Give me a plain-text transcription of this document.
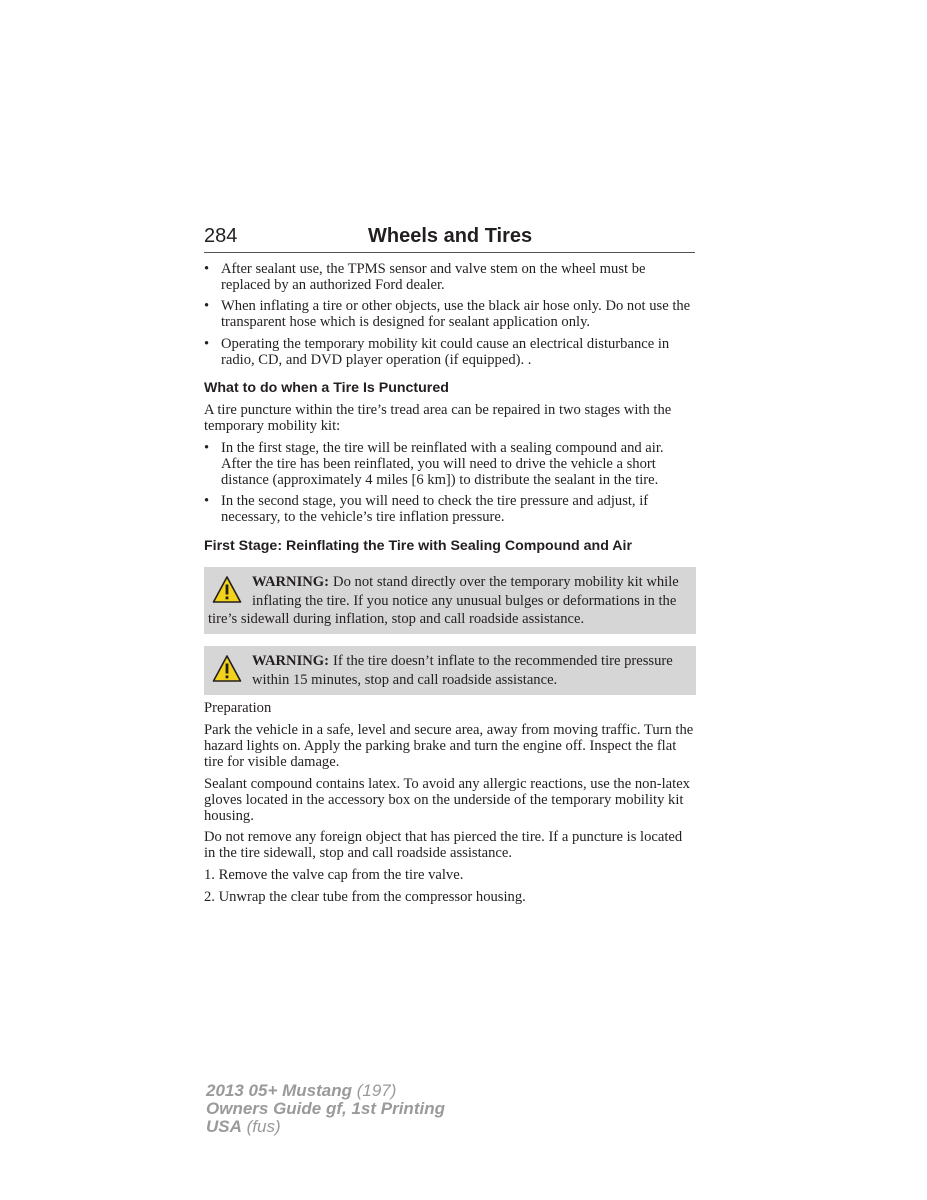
284	Wheels and Tires
• After sealant use, the TPMS sensor and valve stem on the wheel must be replaced by an authorized Ford dealer.
• When inflating a tire or other objects, use the black air hose only. Do not use the transparent hose which is designed for sealant application only.
• Operating the temporary mobility kit could cause an electrical disturbance in radio, CD, and DVD player operation (if equipped). .
What to do when a Tire Is Punctured

A tire puncture within the tire’s tread area can be repaired in two stages with the temporary mobility kit:

• In the first stage, the tire will be reinflated with a sealing compound and air. After the tire has been reinflated, you will need to drive the vehicle a short distance (approximately 4 miles [6 km]) to distribute the sealant in the tire.
• In the second stage, you will need to check the tire pressure and adjust, if necessary, to the vehicle’s tire inflation pressure.
First Stage: Reinflating the Tire with Sealing Compound and Air
WARNING: Do not stand directly over the temporary mobility kit while inflating the tire. If you notice any unusual bulges or deformations in the tire’s sidewall during inflation, stop and call roadside assistance.
WARNING: If the tire doesn’t inflate to the recommended tire pressure within 15 minutes, stop and call roadside assistance.

Preparation

Park the vehicle in a safe, level and secure area, away from moving traffic. Turn the hazard lights on. Apply the parking brake and turn the engine off. Inspect the flat tire for visible damage.

Sealant compound contains latex. To avoid any allergic reactions, use the non-latex gloves located in the accessory box on the underside of the temporary mobility kit housing.

Do not remove any foreign object that has pierced the tire. If a puncture is located in the tire sidewall, stop and call roadside assistance.

1. Remove the valve cap from the tire valve.

2. Unwrap the clear tube from the compressor housing.

2013 05+ Mustang (197)
Owners Guide gf, 1st Printing
USA (fus)
